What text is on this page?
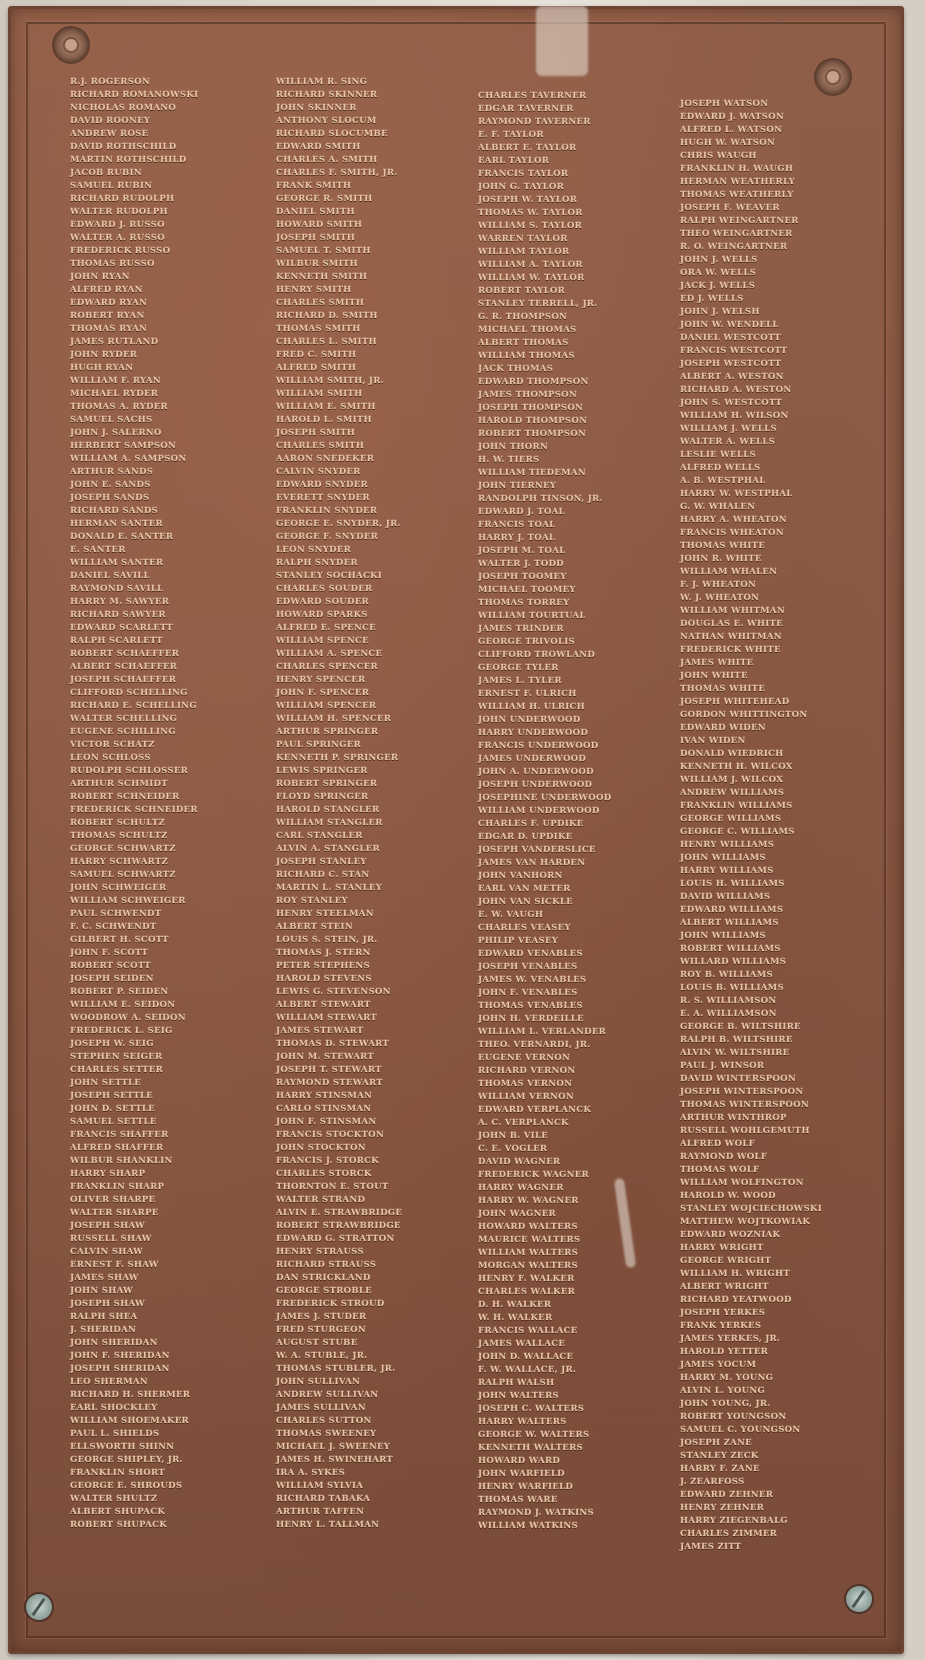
R.J. ROGERSON
RICHARD ROMANOWSKI
NICHOLAS ROMANO
DAVID ROONEY
ANDREW ROSE
DAVID ROTHSCHILD
MARTIN ROTHSCHILD
JACOB RUBIN
SAMUEL RUBIN
RICHARD RUDOLPH
WALTER RUDOLPH
EDWARD J. RUSSO
WALTER A. RUSSO
FREDERICK RUSSO
THOMAS RUSSO
JOHN RYAN
ALFRED RYAN
EDWARD RYAN
ROBERT RYAN
THOMAS RYAN
JAMES RUTLAND
JOHN RYDER
HUGH RYAN
WILLIAM F. RYAN
MICHAEL RYDER
THOMAS A. RYDER
SAMUEL SACHS
JOHN J. SALERNO
HERBERT SAMPSON
WILLIAM A. SAMPSON
ARTHUR SANDS
JOHN E. SANDS
JOSEPH SANDS
RICHARD SANDS
HERMAN SANTER
DONALD E. SANTER
E. SANTER
WILLIAM SANTER
DANIEL SAVILL
RAYMOND SAVILL
HARRY M. SAWYER
RICHARD SAWYER
EDWARD SCARLETT
RALPH SCARLETT
ROBERT SCHAEFFER
ALBERT SCHAEFFER
JOSEPH SCHAEFFER
CLIFFORD SCHELLING
RICHARD E. SCHELLING
WALTER SCHELLING
EUGENE SCHILLING
VICTOR SCHATZ
LEON SCHLOSS
RUDOLPH SCHLOSSER
ARTHUR SCHMIDT
ROBERT SCHNEIDER
FREDERICK SCHNEIDER
ROBERT SCHULTZ
THOMAS SCHULTZ
GEORGE SCHWARTZ
HARRY SCHWARTZ
SAMUEL SCHWARTZ
JOHN SCHWEIGER
WILLIAM SCHWEIGER
PAUL SCHWENDT
F. C. SCHWENDT
GILBERT H. SCOTT
JOHN F. SCOTT
ROBERT SCOTT
JOSEPH SEIDEN
ROBERT P. SEIDEN
WILLIAM E. SEIDON
WOODROW A. SEIDON
FREDERICK L. SEIG
JOSEPH W. SEIG
STEPHEN SEIGER
CHARLES SETTER
JOHN SETTLE
JOSEPH SETTLE
JOHN D. SETTLE
SAMUEL SETTLE
FRANCIS SHAFFER
ALFRED SHAFFER
WILBUR SHANKLIN
HARRY SHARP
FRANKLIN SHARP
OLIVER SHARPE
WALTER SHARPE
JOSEPH SHAW
RUSSELL SHAW
CALVIN SHAW
ERNEST F. SHAW
JAMES SHAW
JOHN SHAW
JOSEPH SHAW
RALPH SHEA
J. SHERIDAN
JOHN SHERIDAN
JOHN F. SHERIDAN
JOSEPH SHERIDAN
LEO SHERMAN
RICHARD H. SHERMER
EARL SHOCKLEY
WILLIAM SHOEMAKER
PAUL L. SHIELDS
ELLSWORTH SHINN
GEORGE SHIPLEY, JR.
FRANKLIN SHORT
GEORGE E. SHROUDS
WALTER SHULTZ
ALBERT SHUPACK
ROBERT SHUPACK
WILLIAM R. SING
RICHARD SKINNER
JOHN SKINNER
ANTHONY SLOCUM
RICHARD SLOCUMBE
EDWARD SMITH
CHARLES A. SMITH
CHARLES F. SMITH, JR.
FRANK SMITH
GEORGE R. SMITH
DANIEL SMITH
HOWARD SMITH
JOSEPH SMITH
SAMUEL T. SMITH
WILBUR SMITH
KENNETH SMITH
HENRY SMITH
CHARLES SMITH
RICHARD D. SMITH
THOMAS SMITH
CHARLES L. SMITH
FRED C. SMITH
ALFRED SMITH
WILLIAM SMITH, JR.
WILLIAM SMITH
WILLIAM E. SMITH
HAROLD L. SMITH
JOSEPH SMITH
CHARLES SMITH
AARON SNEDEKER
CALVIN SNYDER
EDWARD SNYDER
EVERETT SNYDER
FRANKLIN SNYDER
GEORGE E. SNYDER, JR.
GEORGE F. SNYDER
LEON SNYDER
RALPH SNYDER
STANLEY SOCHACKI
CHARLES SOUDER
EDWARD SOUDER
HOWARD SPARKS
ALFRED E. SPENCE
WILLIAM SPENCE
WILLIAM A. SPENCE
CHARLES SPENCER
HENRY SPENCER
JOHN F. SPENCER
WILLIAM SPENCER
WILLIAM H. SPENCER
ARTHUR SPRINGER
PAUL SPRINGER
KENNETH P. SPRINGER
LEWIS SPRINGER
ROBERT SPRINGER
FLOYD SPRINGER
HAROLD STANGLER
WILLIAM STANGLER
CARL STANGLER
ALVIN A. STANGLER
JOSEPH STANLEY
RICHARD C. STAN
MARTIN L. STANLEY
ROY STANLEY
HENRY STEELMAN
ALBERT STEIN
LOUIS S. STEIN, JR.
THOMAS J. STERN
PETER STEPHENS
HAROLD STEVENS
LEWIS G. STEVENSON
ALBERT STEWART
WILLIAM STEWART
JAMES STEWART
THOMAS D. STEWART
JOHN M. STEWART
JOSEPH T. STEWART
RAYMOND STEWART
HARRY STINSMAN
CARLO STINSMAN
JOHN F. STINSMAN
FRANCIS STOCKTON
JOHN STOCKTON
FRANCIS J. STORCK
CHARLES STORCK
THORNTON E. STOUT
WALTER STRAND
ALVIN E. STRAWBRIDGE
ROBERT STRAWBRIDGE
EDWARD G. STRATTON
HENRY STRAUSS
RICHARD STRAUSS
DAN STRICKLAND
GEORGE STROBLE
FREDERICK STROUD
JAMES J. STUDER
FRED STURGEON
AUGUST STUBE
W. A. STUBLE, JR.
THOMAS STUBLER, JR.
JOHN SULLIVAN
ANDREW SULLIVAN
JAMES SULLIVAN
CHARLES SUTTON
THOMAS SWEENEY
MICHAEL J. SWEENEY
JAMES H. SWINEHART
IRA A. SYKES
WILLIAM SYLVIA
RICHARD TABAKA
ARTHUR TAFFEN
HENRY L. TALLMAN
CHARLES TAVERNER
EDGAR TAVERNER
RAYMOND TAVERNER
E. F. TAYLOR
ALBERT E. TAYLOR
EARL TAYLOR
FRANCIS TAYLOR
JOHN G. TAYLOR
JOSEPH W. TAYLOR
THOMAS W. TAYLOR
WILLIAM S. TAYLOR
WARREN TAYLOR
WILLIAM TAYLOR
WILLIAM A. TAYLOR
WILLIAM W. TAYLOR
ROBERT TAYLOR
STANLEY TERRELL, JR.
G. R. THOMPSON
MICHAEL THOMAS
ALBERT THOMAS
WILLIAM THOMAS
JACK THOMAS
EDWARD THOMPSON
JAMES THOMPSON
JOSEPH THOMPSON
HAROLD THOMPSON
ROBERT THOMPSON
JOHN THORN
H. W. TIERS
WILLIAM TIEDEMAN
JOHN TIERNEY
RANDOLPH TINSON, JR.
EDWARD J. TOAL
FRANCIS TOAL
HARRY J. TOAL
JOSEPH M. TOAL
WALTER J. TODD
JOSEPH TOOMEY
MICHAEL TOOMEY
THOMAS TORREY
WILLIAM TOURTUAL
JAMES TRINDER
GEORGE TRIVOLIS
CLIFFORD TROWLAND
GEORGE TYLER
JAMES L. TYLER
ERNEST F. ULRICH
WILLIAM H. ULRICH
JOHN UNDERWOOD
HARRY UNDERWOOD
FRANCIS UNDERWOOD
JAMES UNDERWOOD
JOHN A. UNDERWOOD
JOSEPH UNDERWOOD
JOSEPHINE UNDERWOOD
WILLIAM UNDERWOOD
CHARLES F. UPDIKE
EDGAR D. UPDIKE
JOSEPH VANDERSLICE
JAMES VAN HARDEN
JOHN VANHORN
EARL VAN METER
JOHN VAN SICKLE
E. W. VAUGH
CHARLES VEASEY
PHILIP VEASEY
EDWARD VENABLES
JOSEPH VENABLES
JAMES W. VENABLES
JOHN F. VENABLES
THOMAS VENABLES
JOHN H. VERDEILLE
WILLIAM L. VERLANDER
THEO. VERNARDI, JR.
EUGENE VERNON
RICHARD VERNON
THOMAS VERNON
WILLIAM VERNON
EDWARD VERPLANCK
A. C. VERPLANCK
JOHN B. VILE
C. E. VOGLER
DAVID WAGNER
FREDERICK WAGNER
HARRY WAGNER
HARRY W. WAGNER
JOHN WAGNER
HOWARD WALTERS
MAURICE WALTERS
WILLIAM WALTERS
MORGAN WALTERS
HENRY F. WALKER
CHARLES WALKER
D. H. WALKER
W. H. WALKER
FRANCIS WALLACE
JAMES WALLACE
JOHN D. WALLACE
F. W. WALLACE, JR.
RALPH WALSH
JOHN WALTERS
JOSEPH C. WALTERS
HARRY WALTERS
GEORGE W. WALTERS
KENNETH WALTERS
HOWARD WARD
JOHN WARFIELD
HENRY WARFIELD
THOMAS WARE
RAYMOND J. WATKINS
WILLIAM WATKINS
JOSEPH WATSON
EDWARD J. WATSON
ALFRED L. WATSON
HUGH W. WATSON
CHRIS WAUGH
FRANKLIN H. WAUGH
HERMAN WEATHERLY
THOMAS WEATHERLY
JOSEPH F. WEAVER
RALPH WEINGARTNER
THEO WEINGARTNER
R. O. WEINGARTNER
JOHN J. WELLS
ORA W. WELLS
JACK J. WELLS
ED J. WELLS
JOHN J. WELSH
JOHN W. WENDELL
DANIEL WESTCOTT
FRANCIS WESTCOTT
JOSEPH WESTCOTT
ALBERT A. WESTON
RICHARD A. WESTON
JOHN S. WESTCOTT
WILLIAM H. WILSON
WILLIAM J. WELLS
WALTER A. WELLS
LESLIE WELLS
ALFRED WELLS
A. B. WESTPHAL
HARRY W. WESTPHAL
G. W. WHALEN
HARRY A. WHEATON
FRANCIS WHEATON
THOMAS WHITE
JOHN R. WHITE
WILLIAM WHALEN
F. J. WHEATON
W. J. WHEATON
WILLIAM WHITMAN
DOUGLAS E. WHITE
NATHAN WHITMAN
FREDERICK WHITE
JAMES WHITE
JOHN WHITE
THOMAS WHITE
JOSEPH WHITEHEAD
GORDON WHITTINGTON
EDWARD WIDEN
IVAN WIDEN
DONALD WIEDRICH
KENNETH H. WILCOX
WILLIAM J. WILCOX
ANDREW WILLIAMS
FRANKLIN WILLIAMS
GEORGE WILLIAMS
GEORGE C. WILLIAMS
HENRY WILLIAMS
JOHN WILLIAMS
HARRY WILLIAMS
LOUIS H. WILLIAMS
DAVID WILLIAMS
EDWARD WILLIAMS
ALBERT WILLIAMS
JOHN WILLIAMS
ROBERT WILLIAMS
WILLARD WILLIAMS
ROY B. WILLIAMS
LOUIS B. WILLIAMS
R. S. WILLIAMSON
E. A. WILLIAMSON
GEORGE B. WILTSHIRE
RALPH B. WILTSHIRE
ALVIN W. WILTSHIRE
PAUL J. WINSOR
DAVID WINTERSPOON
JOSEPH WINTERSPOON
THOMAS WINTERSPOON
ARTHUR WINTHROP
RUSSELL WOHLGEMUTH
ALFRED WOLF
RAYMOND WOLF
THOMAS WOLF
WILLIAM WOLFINGTON
HAROLD W. WOOD
STANLEY WOJCIECHOWSKI
MATTHEW WOJTKOWIAK
EDWARD WOZNIAK
HARRY WRIGHT
GEORGE WRIGHT
WILLIAM H. WRIGHT
ALBERT WRIGHT
RICHARD YEATWOOD
JOSEPH YERKES
FRANK YERKES
JAMES YERKES, JR.
HAROLD YETTER
JAMES YOCUM
HARRY M. YOUNG
ALVIN L. YOUNG
JOHN YOUNG, JR.
ROBERT YOUNGSON
SAMUEL C. YOUNGSON
JOSEPH ZANE
STANLEY ZECK
HARRY F. ZANE
J. ZEARFOSS
EDWARD ZEHNER
HENRY ZEHNER
HARRY ZIEGENBALG
CHARLES ZIMMER
JAMES ZITT
